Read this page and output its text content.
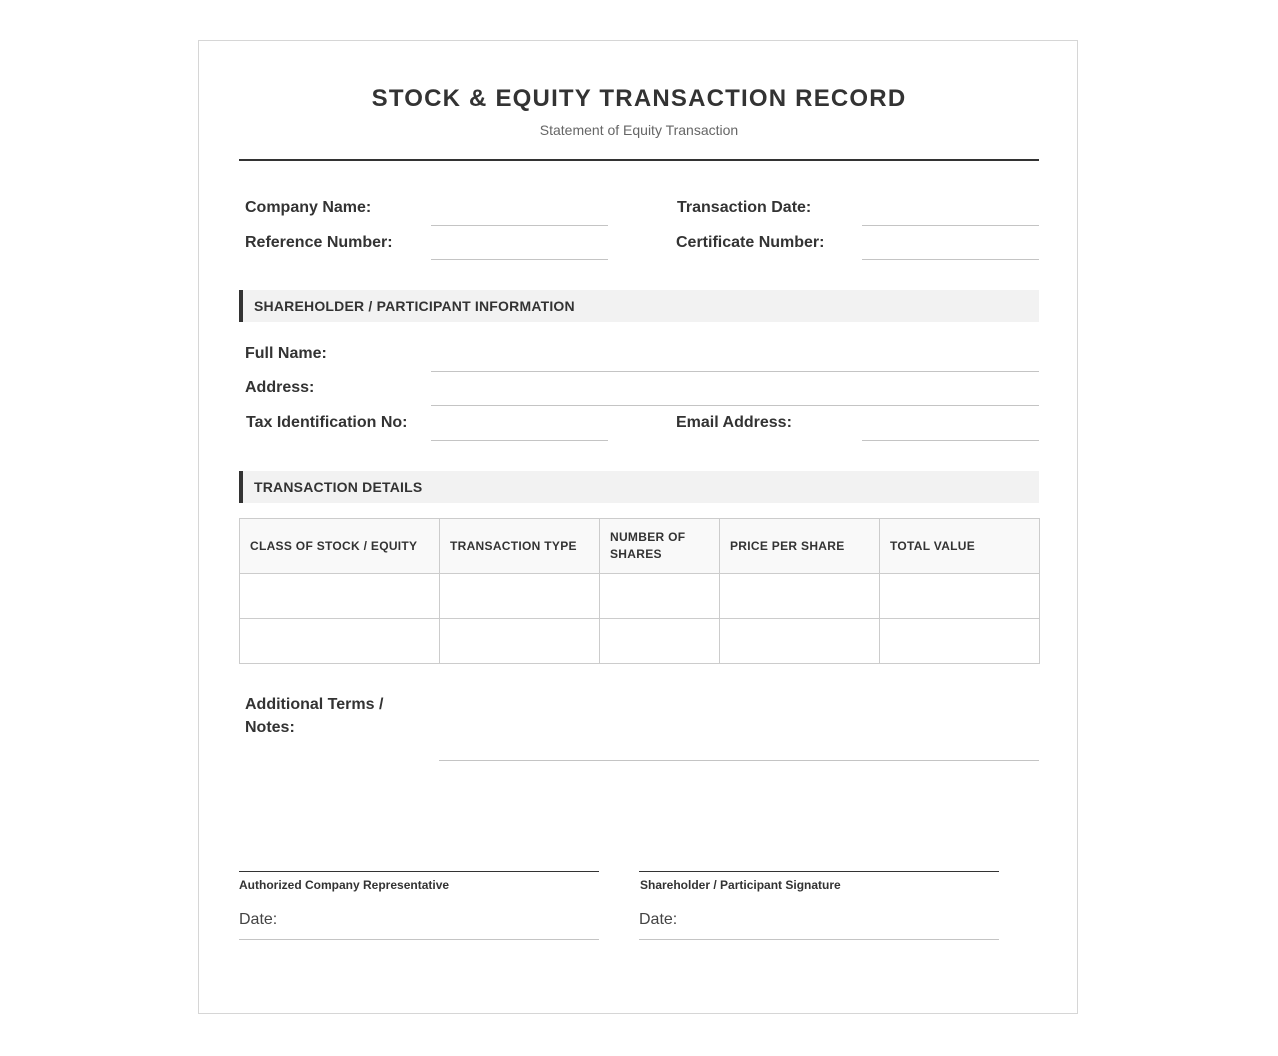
STOCK & EQUITY TRANSACTION RECORD
Statement of Equity Transaction
Company Name:	Transaction Date:
Reference Number:	Certificate Number:
SHAREHOLDER / PARTICIPANT INFORMATION
Full Name:
Address:
Tax Identification No:	Email Address:
TRANSACTION DETAILS
CLASS OF STOCK / EQUITY	TRANSACTION TYPE	NUMBER OF SHARES	PRICE PER SHARE	TOTAL VALUE

Additional Terms /
Notes:
Authorized Company Representative
Date:
Shareholder / Participant Signature
Date:
